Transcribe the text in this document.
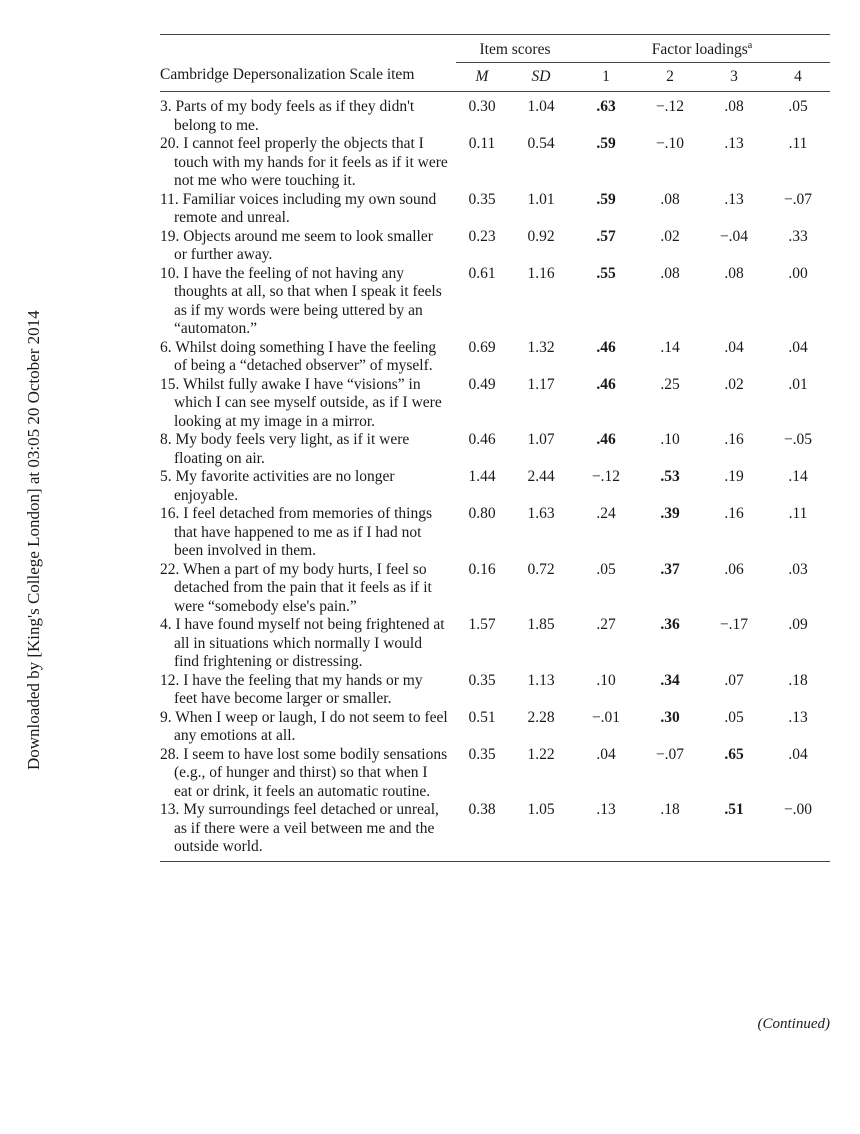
Downloaded by [King's College London] at 03:05 20 October 2014
Cambridge Depersonalization Scale item	Item scores		Factor loadings$^a$
	M	SD	1	2	3	4
3. Parts of my body feels as if they didn't belong to me.	0.30	1.04	.63	−.12	.08	.05
20. I cannot feel properly the objects that I touch with my hands for it feels as if it were not me who were touching it.	0.11	0.54	.59	−.10	.13	.11
11. Familiar voices including my own sound remote and unreal.	0.35	1.01	.59	.08	.13	−.07
19. Objects around me seem to look smaller or further away.	0.23	0.92	.57	.02	−.04	.33
10. I have the feeling of not having any thoughts at all, so that when I speak it feels as if my words were being uttered by an “automaton.”	0.61	1.16	.55	.08	.08	.00
6. Whilst doing something I have the feeling of being a “detached observer” of myself.	0.69	1.32	.46	.14	.04	.04
15. Whilst fully awake I have “visions” in which I can see myself outside, as if I were looking at my image in a mirror.	0.49	1.17	.46	.25	.02	.01
8. My body feels very light, as if it were floating on air.	0.46	1.07	.46	.10	.16	−.05
5. My favorite activities are no longer enjoyable.	1.44	2.44	−.12	.53	.19	.14
16. I feel detached from memories of things that have happened to me as if I had not been involved in them.	0.80	1.63	.24	.39	.16	.11
22. When a part of my body hurts, I feel so detached from the pain that it feels as if it were “somebody else's pain.”	0.16	0.72	.05	.37	.06	.03
4. I have found myself not being frightened at all in situations which normally I would find frightening or distressing.	1.57	1.85	.27	.36	−.17	.09
12. I have the feeling that my hands or my feet have become larger or smaller.	0.35	1.13	.10	.34	.07	.18
9. When I weep or laugh, I do not seem to feel any emotions at all.	0.51	2.28	−.01	.30	.05	.13
28. I seem to have lost some bodily sensations (e.g., of hunger and thirst) so that when I eat or drink, it feels an automatic routine.	0.35	1.22	.04	−.07	.65	.04
13. My surroundings feel detached or unreal, as if there were a veil between me and the outside world.	0.38	1.05	.13	.18	.51	−.00
(Continued)
